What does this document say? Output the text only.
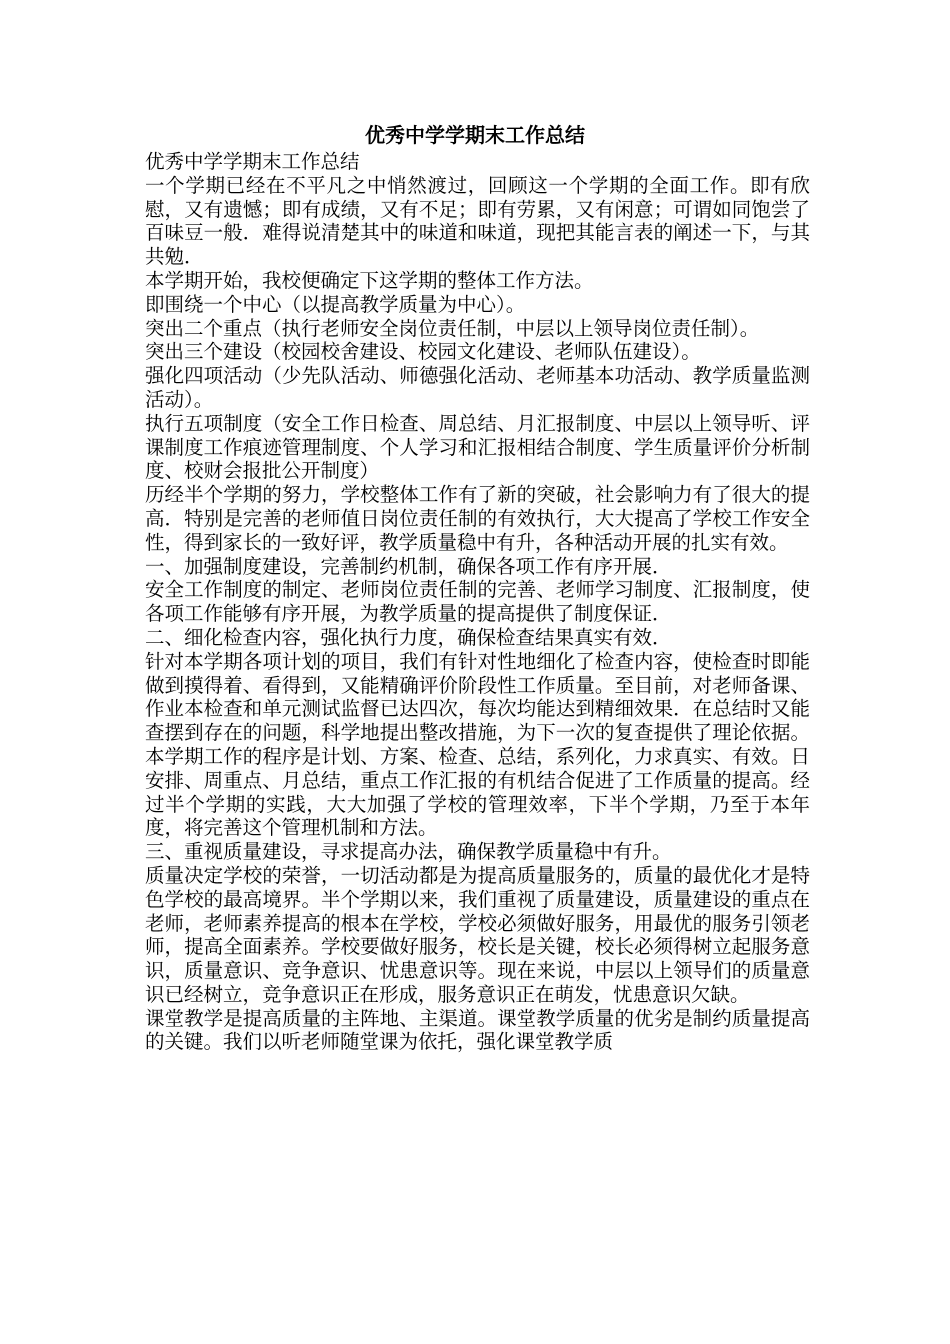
优秀中学学期末工作总结

优秀中学学期末工作总结

一个学期已经在不平凡之中悄然渡过，回顾这一个学期的全面工作。即有欣慰，又有遗憾；即有成绩，又有不足；即有劳累，又有闲意；可谓如同饱尝了百味豆一般．难得说清楚其中的味道和味道，现把其能言表的阐述一下，与其共勉．

本学期开始，我校便确定下这学期的整体工作方法。

即围绕一个中心（以提高教学质量为中心）。

突出二个重点（执行老师安全岗位责任制，中层以上领导岗位责任制）。

突出三个建设（校园校舍建设、校园文化建设、老师队伍建设）。

强化四项活动（少先队活动、师德强化活动、老师基本功活动、教学质量监测活动）。

执行五项制度（安全工作日检查、周总结、月汇报制度、中层以上领导听、评课制度工作痕迹管理制度、个人学习和汇报相结合制度、学生质量评价分析制度、校财会报批公开制度）

历经半个学期的努力，学校整体工作有了新的突破，社会影响力有了很大的提高．特别是完善的老师值日岗位责任制的有效执行，大大提高了学校工作安全性，得到家长的一致好评，教学质量稳中有升，各种活动开展的扎实有效。

一、加强制度建设，完善制约机制，确保各项工作有序开展．

安全工作制度的制定、老师岗位责任制的完善、老师学习制度、汇报制度，使各项工作能够有序开展，为教学质量的提高提供了制度保证．

二、细化检查内容，强化执行力度，确保检查结果真实有效．

针对本学期各项计划的项目，我们有针对性地细化了检查内容，使检查时即能做到摸得着、看得到，又能精确评价阶段性工作质量。至目前，对老师备课、作业本检查和单元测试监督已达四次，每次均能达到精细效果．在总结时又能查摆到存在的问题，科学地提出整改措施，为下一次的复查提供了理论依据。本学期工作的程序是计划、方案、检查、总结，系列化，力求真实、有效。日安排、周重点、月总结，重点工作汇报的有机结合促进了工作质量的提高。经过半个学期的实践，大大加强了学校的管理效率，下半个学期，乃至于本年度，将完善这个管理机制和方法。

三、重视质量建设，寻求提高办法，确保教学质量稳中有升。

质量决定学校的荣誉，一切活动都是为提高质量服务的，质量的最优化才是特色学校的最高境界。半个学期以来，我们重视了质量建设，质量建设的重点在老师，老师素养提高的根本在学校，学校必须做好服务，用最优的服务引领老师，提高全面素养。学校要做好服务，校长是关键，校长必须得树立起服务意识，质量意识、竞争意识、忧患意识等。现在来说，中层以上领导们的质量意识已经树立，竞争意识正在形成，服务意识正在萌发，忧患意识欠缺。

课堂教学是提高质量的主阵地、主渠道。课堂教学质量的优劣是制约质量提高的关键。我们以听老师随堂课为依托，强化课堂教学质
